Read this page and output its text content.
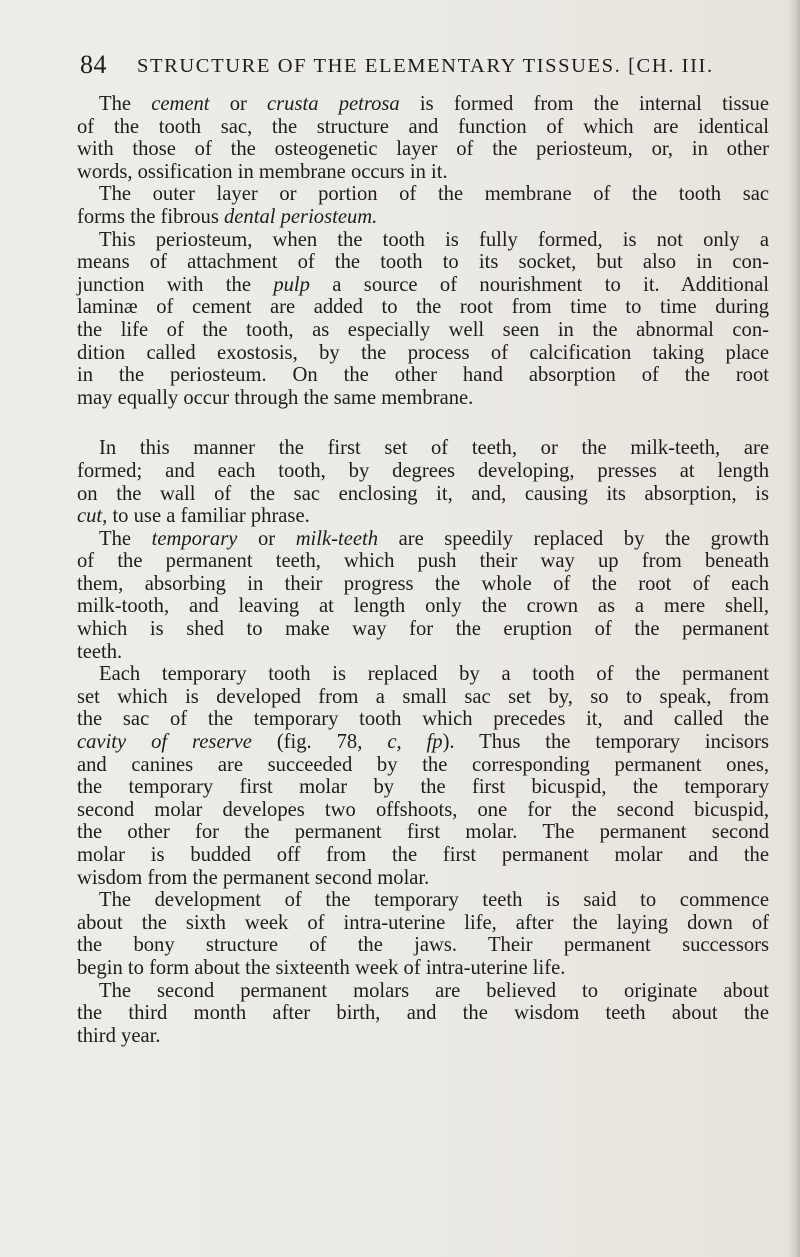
84 STRUCTURE OF THE ELEMENTARY TISSUES. [CH. III.
The cement or crusta petrosa is formed from the internal tissue
of the tooth sac, the structure and function of which are identical
with those of the osteogenetic layer of the periosteum, or, in other
words, ossification in membrane occurs in it.
The outer layer or portion of the membrane of the tooth sac
forms the fibrous dental periosteum.
This periosteum, when the tooth is fully formed, is not only a
means of attachment of the tooth to its socket, but also in con-
junction with the pulp a source of nourishment to it. Additional
laminæ of cement are added to the root from time to time during
the life of the tooth, as especially well seen in the abnormal con-
dition called exostosis, by the process of calcification taking place
in the periosteum. On the other hand absorption of the root
may equally occur through the same membrane.
In this manner the first set of teeth, or the milk-teeth, are
formed; and each tooth, by degrees developing, presses at length
on the wall of the sac enclosing it, and, causing its absorption, is
cut, to use a familiar phrase.
The temporary or milk-teeth are speedily replaced by the growth
of the permanent teeth, which push their way up from beneath
them, absorbing in their progress the whole of the root of each
milk-tooth, and leaving at length only the crown as a mere shell,
which is shed to make way for the eruption of the permanent
teeth.
Each temporary tooth is replaced by a tooth of the permanent
set which is developed from a small sac set by, so to speak, from
the sac of the temporary tooth which precedes it, and called the
cavity of reserve (fig. 78, c, fp). Thus the temporary incisors
and canines are succeeded by the corresponding permanent ones,
the temporary first molar by the first bicuspid, the temporary
second molar developes two offshoots, one for the second bicuspid,
the other for the permanent first molar. The permanent second
molar is budded off from the first permanent molar and the
wisdom from the permanent second molar.
The development of the temporary teeth is said to commence
about the sixth week of intra-uterine life, after the laying down of
the bony structure of the jaws. Their permanent successors
begin to form about the sixteenth week of intra-uterine life.
The second permanent molars are believed to originate about
the third month after birth, and the wisdom teeth about the
third year.
